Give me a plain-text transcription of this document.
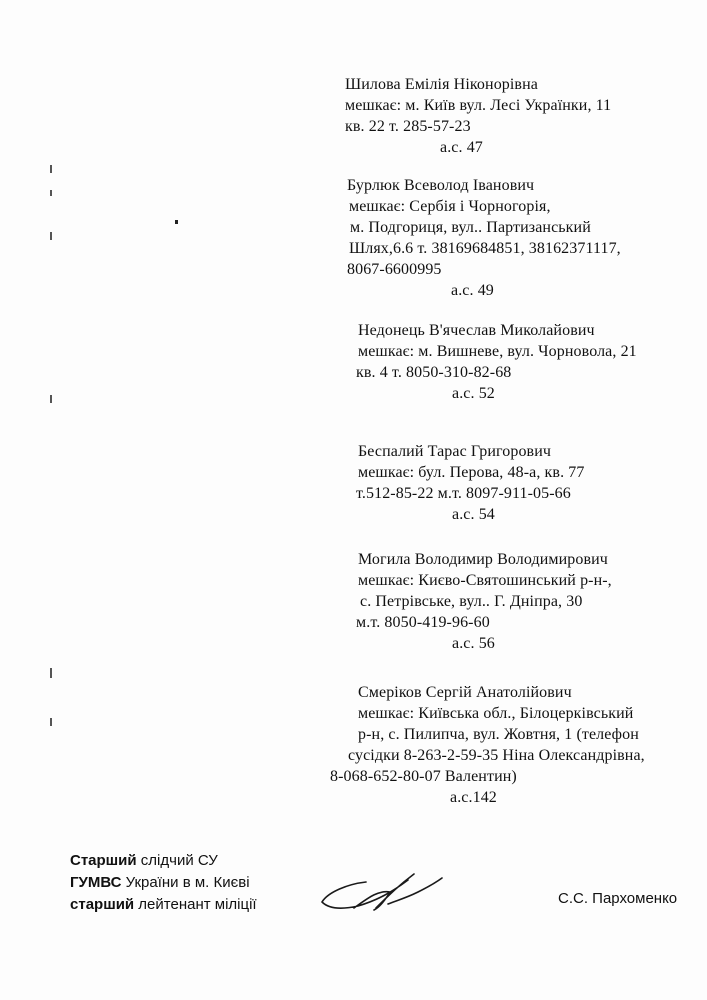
Шилова Емілія Ніконорівна
мешкає: м. Київ вул. Лесі Українки, 11
кв. 22 т. 285-57-23
а.с. 47
Бурлюк Всеволод Іванович
мешкає: Сербія і Чорногорія,
м. Подгориця, вул.. Партизанський
Шлях,6.6 т. 38169684851, 38162371117,
8067-6600995
а.с. 49
Недонець В'ячеслав Миколайович
мешкає: м. Вишневе, вул. Чорновола, 21
кв. 4 т. 8050-310-82-68
а.с. 52
Беспалий Тарас Григорович
мешкає: бул. Перова, 48-а, кв. 77
т.512-85-22 м.т. 8097-911-05-66
а.с. 54
Могила Володимир Володимирович
мешкає: Києво-Святошинський р-н-,
с. Петрівське, вул.. Г. Дніпра, 30
м.т. 8050-419-96-60
а.с. 56
Смеріков Сергій Анатолійович
мешкає: Київська обл., Білоцерківський
р-н, с. Пилипча, вул. Жовтня, 1 (телефон
сусідки 8-263-2-59-35 Ніна Олександрівна,
8-068-652-80-07 Валентин)
а.с.142
Старший слідчий СУ
ГУМВС України в м. Києві
старший лейтенант міліції	С.С. Пархоменко
